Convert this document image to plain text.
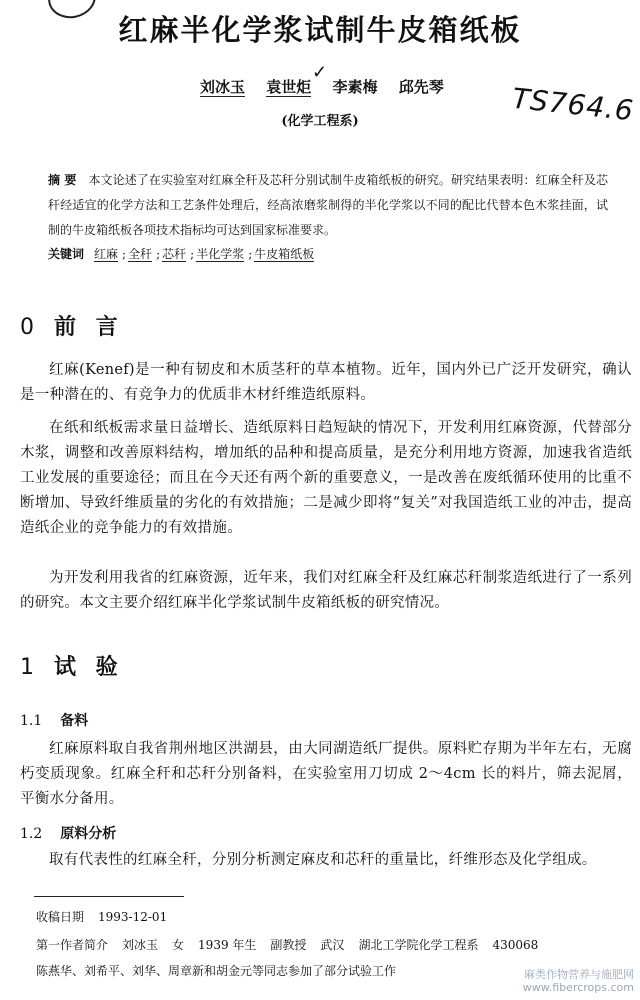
红麻半化学浆试制牛皮箱纸板
刘冰玉 袁世炬 李素梅 邱先琴
✓
(化学工程系)	TS764.6
摘 要 本文论述了在实验室对红麻全秆及芯秆分别试制牛皮箱纸板的研究。研究结果表明：红麻全秆及芯秆经适宜的化学方法和工艺条件处理后，经高浓磨浆制得的半化学浆以不同的配比代替本色木浆挂面，试制的牛皮箱纸板各项技术指标均可达到国家标准要求。
关键词 红麻 ; 全秆 ; 芯秆 ; 半化学浆 ; 牛皮箱纸板
0 前 言
红麻(Kenef)是一种有韧皮和木质茎秆的草本植物。近年，国内外已广泛开发研究，确认是一种潜在的、有竞争力的优质非木材纤维造纸原料。
在纸和纸板需求量日益增长、造纸原料日趋短缺的情况下，开发利用红麻资源，代替部分木浆，调整和改善原料结构，增加纸的品种和提高质量，是充分利用地方资源，加速我省造纸工业发展的重要途径；而且在今天还有两个新的重要意义，一是改善在废纸循环使用的比重不断增加、导致纤维质量的劣化的有效措施；二是减少即将“复关”对我国造纸工业的冲击，提高造纸企业的竞争能力的有效措施。
为开发利用我省的红麻资源，近年来，我们对红麻全秆及红麻芯秆制浆造纸进行了一系列的研究。本文主要介绍红麻半化学浆试制牛皮箱纸板的研究情况。
1 试 验
1.1 备料
红麻原料取自我省荆州地区洪湖县，由大同湖造纸厂提供。原料贮存期为半年左右，无腐朽变质现象。红麻全秆和芯秆分别备料，在实验室用刀切成 2～4cm 长的料片，筛去泥屑，平衡水分备用。
1.2 原料分析
取有代表性的红麻全秆，分别分析测定麻皮和芯秆的重量比，纤维形态及化学组成。
收稿日期 1993-12-01
第一作者简介 刘冰玉 女 1939 年生 副教授 武汉 湖北工学院化学工程系 430068
陈燕华、刘希平、刘华、周章新和胡金元等同志参加了部分试验工作	麻类作物营养与施肥网
www.fibercrops.com
